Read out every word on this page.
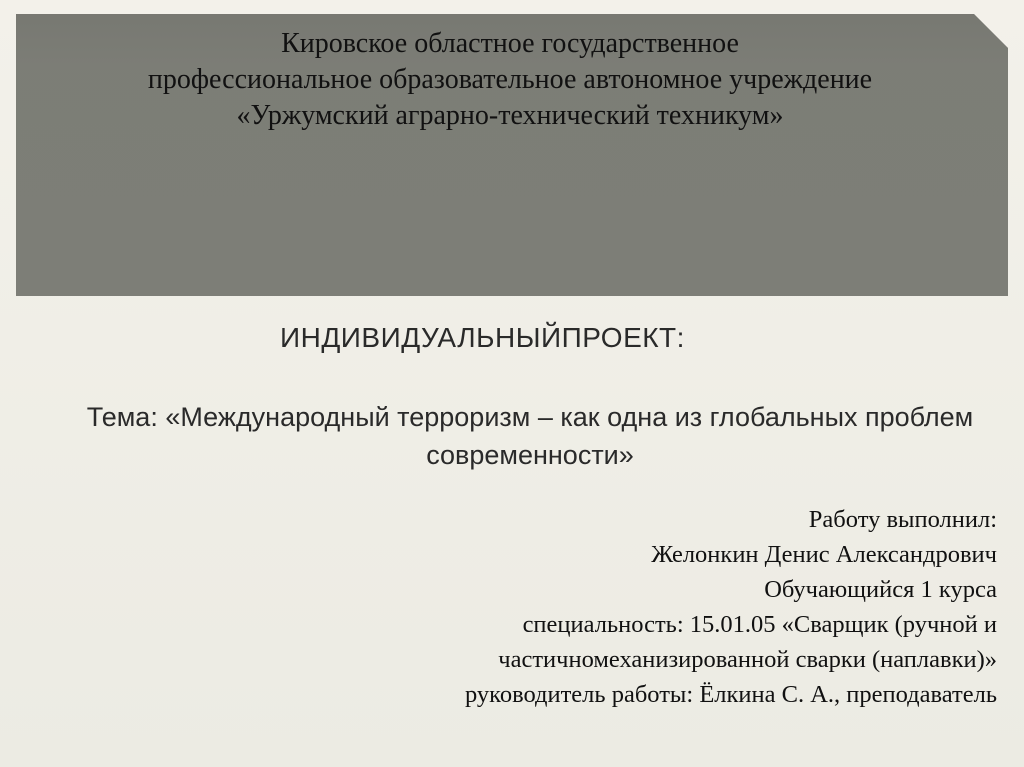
Кировское областное государственное
профессиональное образовательное автономное учреждение
«Уржумский аграрно-технический техникум»
ИНДИВИДУАЛЬНЫЙПРОЕКТ:
Тема: «Международный терроризм – как одна из глобальных проблем
современности»
Работу выполнил:
Желонкин Денис Александрович
Обучающийся 1 курса
специальность: 15.01.05 «Сварщик (ручной и
частичномеханизированной сварки (наплавки)»
руководитель работы: Ёлкина С. А., преподаватель
